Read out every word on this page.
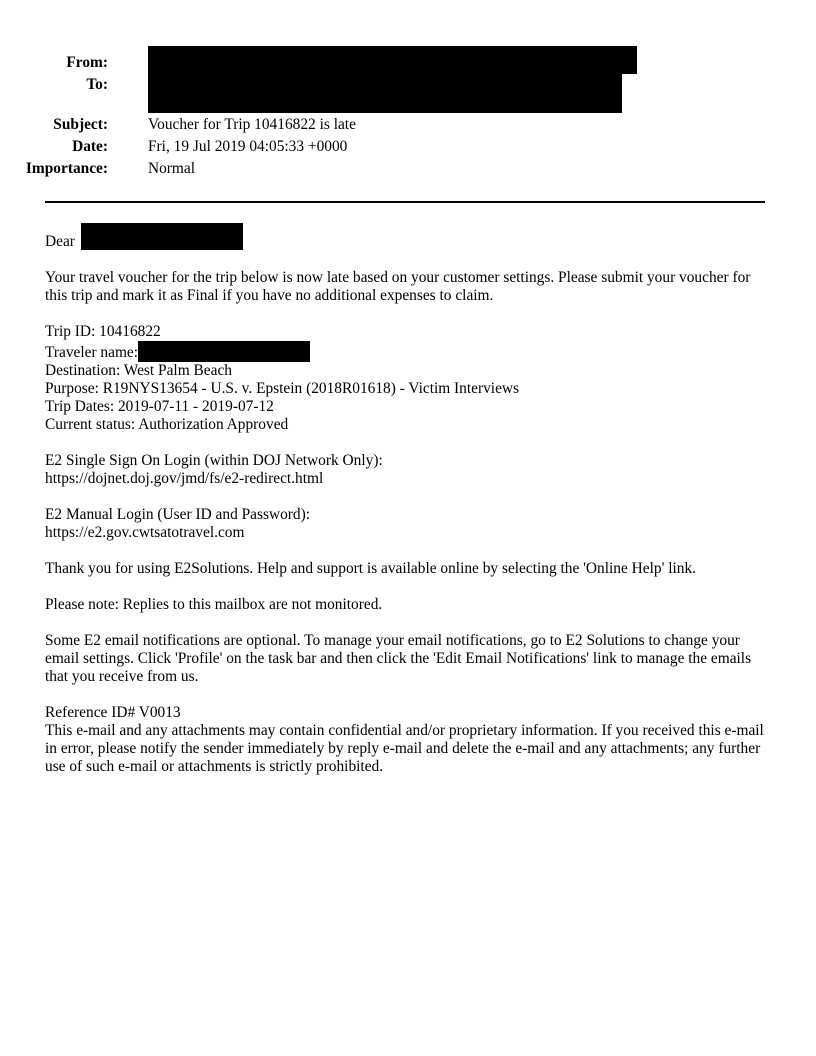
From:
To:
Subject:	Voucher for Trip 10416822 is late
Date:	Fri, 19 Jul 2019 04:05:33 +0000
Importance:	Normal

Dear

Your travel voucher for the trip below is now late based on your customer settings. Please submit your voucher for this trip and mark it as Final if you have no additional expenses to claim.

Trip ID: 10416822
Traveler name:
Destination: West Palm Beach
Purpose: R19NYS13654 - U.S. v. Epstein (2018R01618) - Victim Interviews
Trip Dates: 2019-07-11 - 2019-07-12
Current status: Authorization Approved

E2 Single Sign On Login (within DOJ Network Only):
https://dojnet.doj.gov/jmd/fs/e2-redirect.html

E2 Manual Login (User ID and Password):
https://e2.gov.cwtsatotravel.com

Thank you for using E2Solutions. Help and support is available online by selecting the 'Online Help' link.

Please note: Replies to this mailbox are not monitored.

Some E2 email notifications are optional. To manage your email notifications, go to E2 Solutions to change your email settings. Click 'Profile' on the task bar and then click the 'Edit Email Notifications' link to manage the emails that you receive from us.

Reference ID# V0013
This e-mail and any attachments may contain confidential and/or proprietary information. If you received this e-mail in error, please notify the sender immediately by reply e-mail and delete the e-mail and any attachments; any further use of such e-mail or attachments is strictly prohibited.
